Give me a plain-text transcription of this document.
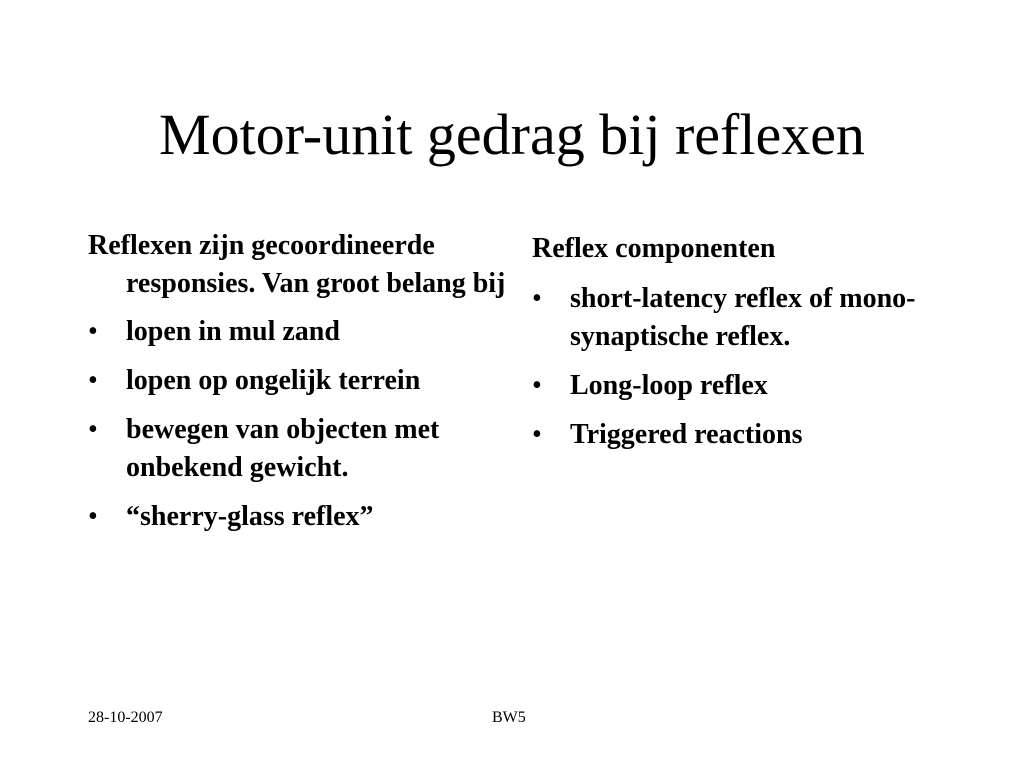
Motor-unit gedrag bij reflexen

Reflexen zijn gecoordineerde responsies. Van groot belang bij

•	lopen in mul zand
•	lopen op ongelijk terrein
•	bewegen van objecten met onbekend gewicht.
•	“sherry-glass reflex”

Reflex componenten

•	short-latency reflex of mono-synaptische reflex.
•	Long-loop reflex
•	Triggered reactions
28-10-2007	BW5
